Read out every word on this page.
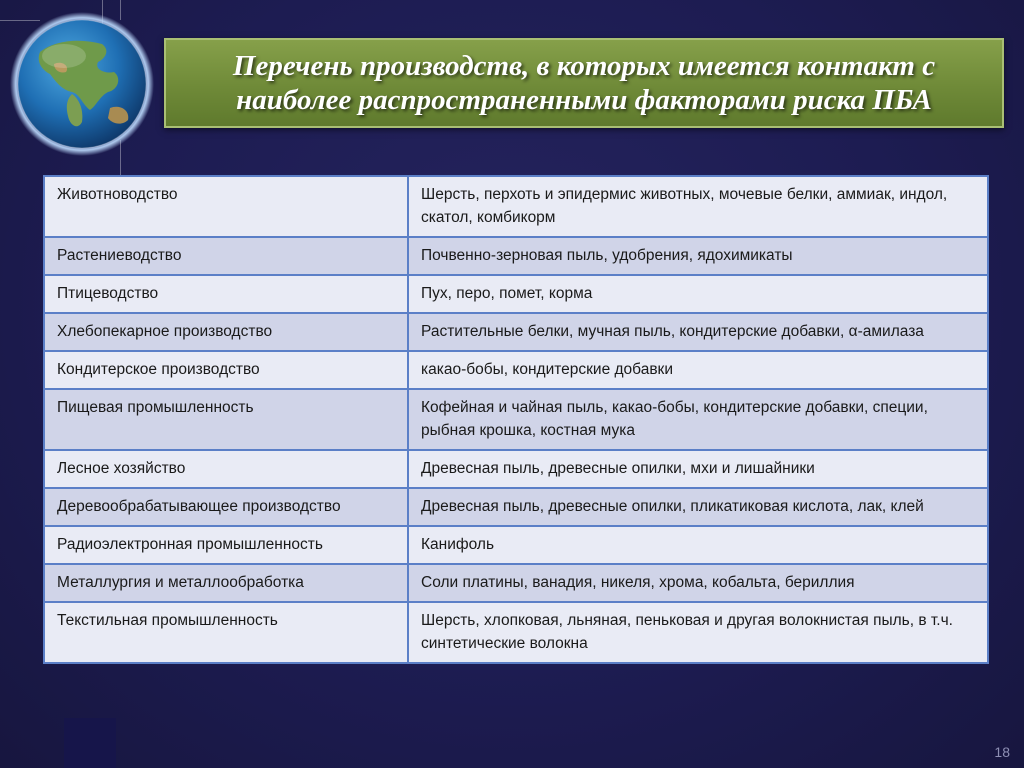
Перечень производств, в которых имеется контакт с наиболее распространенными факторами риска ПБА
Животноводство	Шерсть, перхоть и эпидермис животных, мочевые белки, аммиак, индол, скатол, комбикорм
Растениеводство	Почвенно-зерновая пыль, удобрения, ядохимикаты
Птицеводство	Пух, перо, помет, корма
Хлебопекарное производство	Растительные белки, мучная пыль, кондитерские добавки, α-амилаза
Кондитерское производство	какао-бобы, кондитерские добавки
Пищевая промышленность	Кофейная и чайная пыль, какао-бобы, кондитерские добавки, специи, рыбная крошка, костная мука
Лесное хозяйство	Древесная пыль, древесные опилки, мхи и лишайники
Деревообрабатывающее производство	Древесная пыль, древесные опилки, пликатиковая кислота, лак, клей
Радиоэлектронная промышленность	Канифоль
Металлургия и металлообработка	Соли платины, ванадия, никеля, хрома, кобальта, бериллия
Текстильная промышленность	Шерсть, хлопковая, льняная, пеньковая и другая волокнистая пыль, в т.ч. синтетические волокна
18
